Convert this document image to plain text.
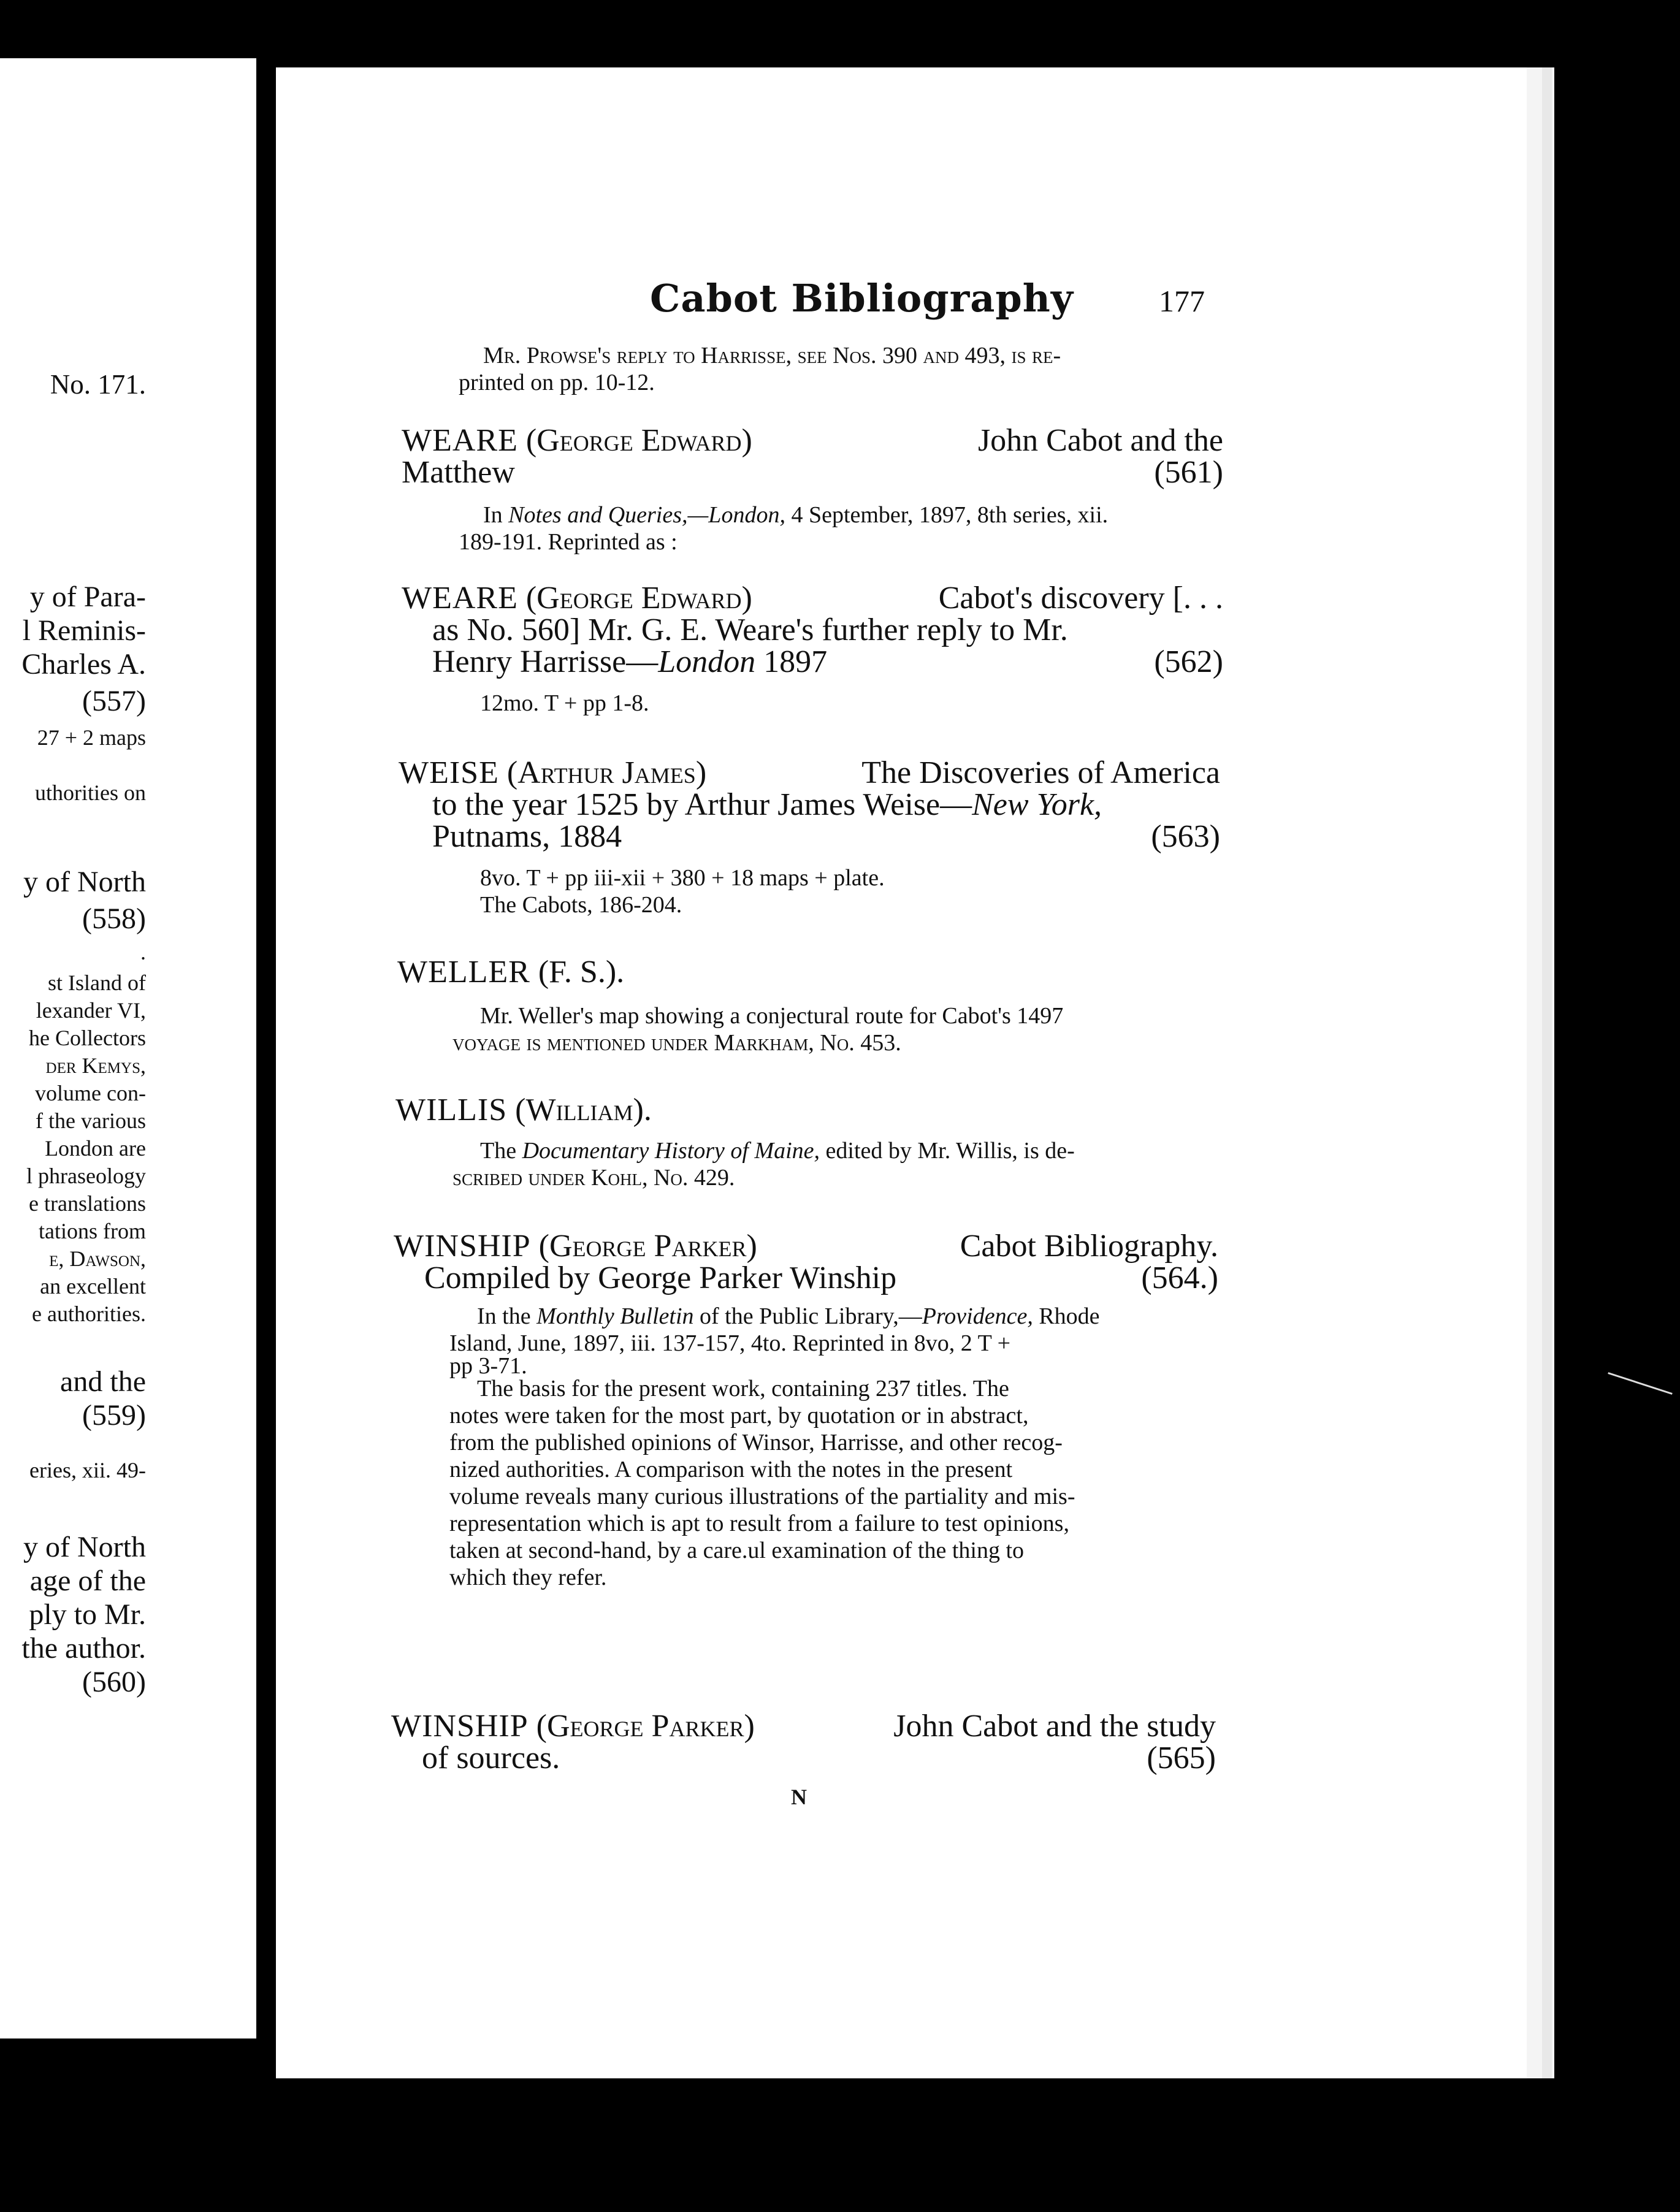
No. 171.
y of Para-
l Reminis-
Charles A.
(557)
27 + 2 maps
uthorities on
y of North
(558)
.
st Island of
lexander VI,
he Collectors
der Kemys,
volume con-
f the various
London are
l phraseology
e translations
tations from
e, Dawson,
an excellent
e authorities.
and the
(559)
eries, xii. 49-
y of North
age of the
ply to Mr.
the author.
(560)
Cabot Bibliography	177
Mr. Prowse's reply to Harrisse, see Nos. 390 and 493, is re-
printed on pp. 10-12.
WEARE (George Edward)	John Cabot and the
Matthew	(561)
In Notes and Queries,—London, 4 September, 1897, 8th series, xii.
189-191. Reprinted as :
WEARE (George Edward)	Cabot's discovery [. . .
as No. 560] Mr. G. E. Weare's further reply to Mr.
Henry Harrisse—London 1897	(562)
12mo. T + pp 1-8.
WEISE (Arthur James)	The Discoveries of America
to the year 1525 by Arthur James Weise—New York,
Putnams, 1884	(563)
8vo. T + pp iii-xii + 380 + 18 maps + plate.
The Cabots, 186-204.
WELLER (F. S.).
Mr. Weller's map showing a conjectural route for Cabot's 1497
voyage is mentioned under Markham, No. 453.
WILLIS (William).
The Documentary History of Maine, edited by Mr. Willis, is de-
scribed under Kohl, No. 429.
WINSHIP (George Parker)	Cabot Bibliography.
Compiled by George Parker Winship	(564.)
In the Monthly Bulletin of the Public Library,—Providence, Rhode
Island, June, 1897, iii. 137-157, 4to. Reprinted in 8vo, 2 T +
pp 3-71.
The basis for the present work, containing 237 titles. The
notes were taken for the most part, by quotation or in abstract,
from the published opinions of Winsor, Harrisse, and other recog-
nized authorities. A comparison with the notes in the present
volume reveals many curious illustrations of the partiality and mis-
representation which is apt to result from a failure to test opinions,
taken at second-hand, by a care.ul examination of the thing to
which they refer.
WINSHIP (George Parker)	John Cabot and the study
of sources.	(565)
N
